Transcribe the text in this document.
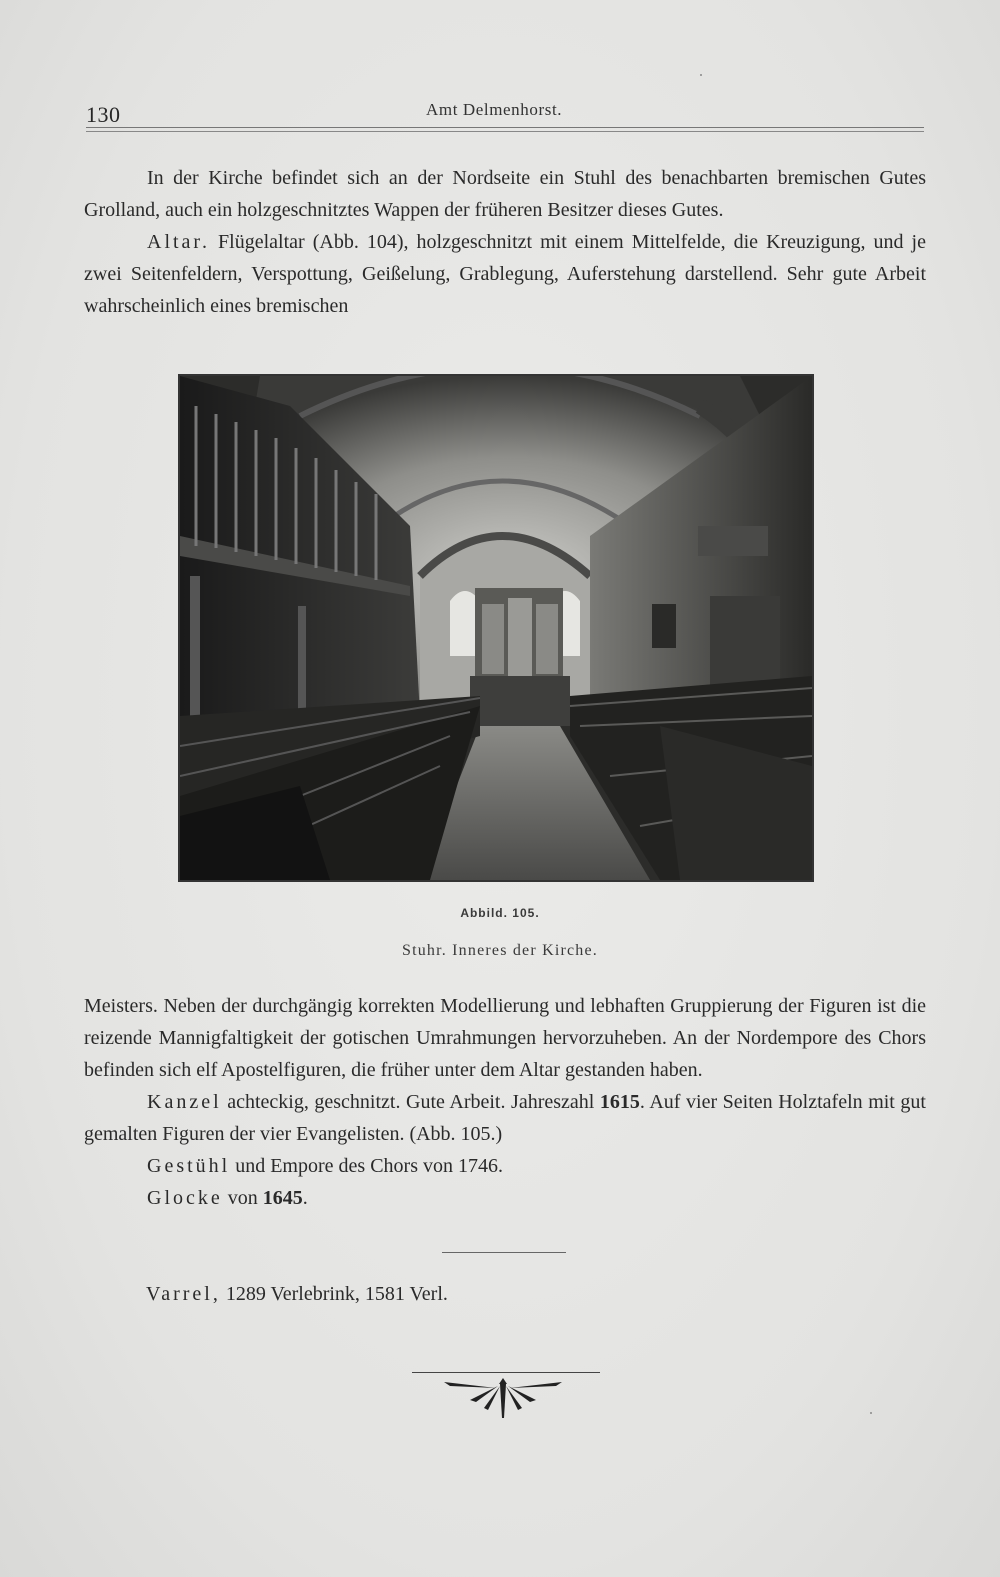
130	Amt Delmenhorst.

In der Kirche befindet sich an der Nordseite ein Stuhl des benachbarten bremischen Gutes Grolland, auch ein holzgeschnitztes Wappen der früheren Besitzer dieses Gutes.

Altar. Flügelaltar (Abb. 104), holzgeschnitzt mit einem Mittelfelde, die Kreuzigung, und je zwei Seitenfeldern, Verspottung, Geißelung, Grablegung, Auferstehung darstellend. Sehr gute Arbeit wahrscheinlich eines bremischen

Abbild. 105.
Stuhr. Inneres der Kirche.

Meisters. Neben der durchgängig korrekten Modellierung und lebhaften Gruppierung der Figuren ist die reizende Mannigfaltigkeit der gotischen Umrahmungen hervorzuheben. An der Nordempore des Chors befinden sich elf Apostelfiguren, die früher unter dem Altar gestanden haben.

Kanzel achteckig, geschnitzt. Gute Arbeit. Jahreszahl 1615. Auf vier Seiten Holztafeln mit gut gemalten Figuren der vier Evangelisten. (Abb. 105.)

Gestühl und Empore des Chors von 1746.

Glocke von 1645.

Varrel, 1289 Verlebrink, 1581 Verl.
